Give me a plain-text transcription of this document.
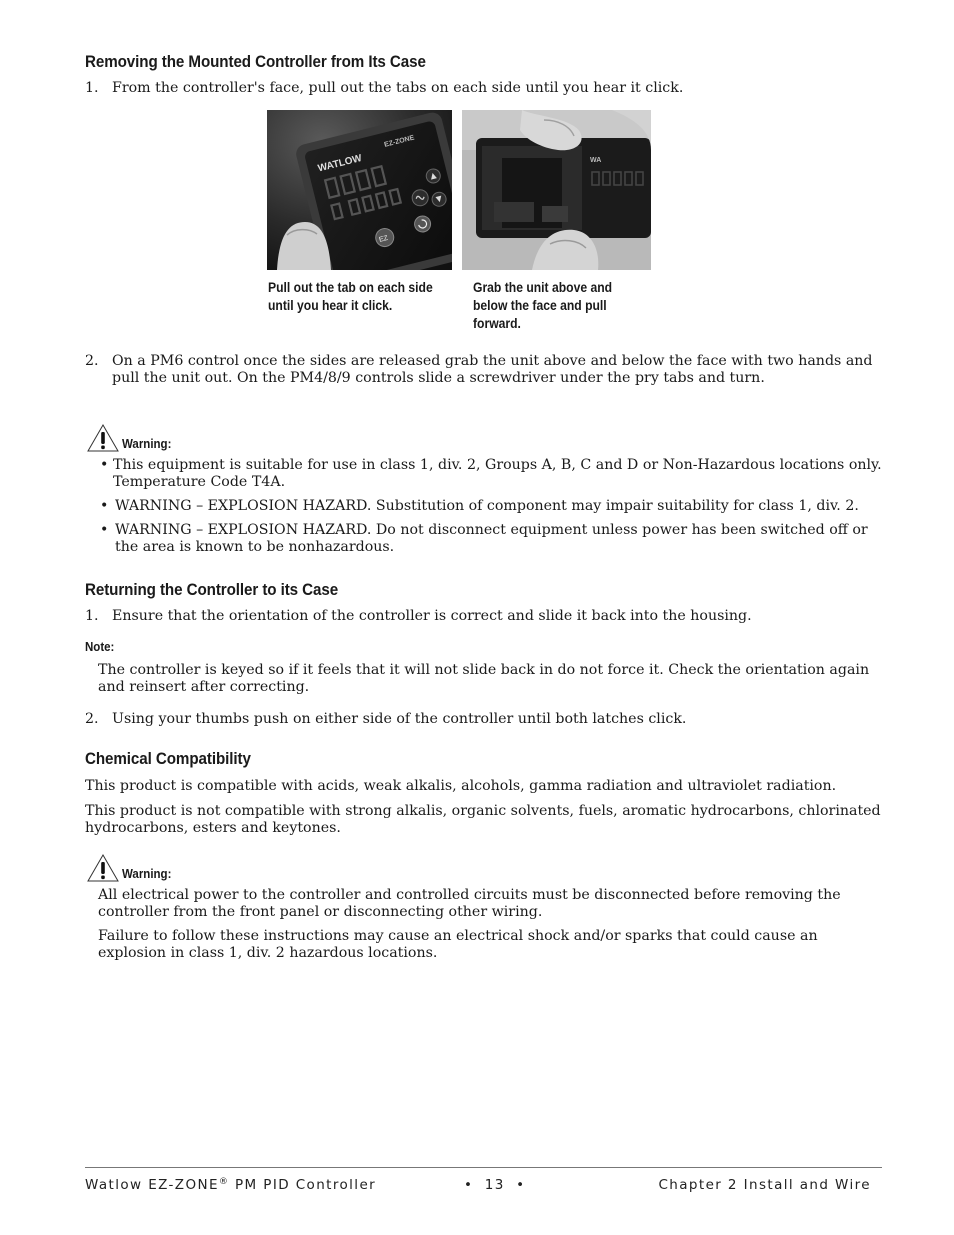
Removing the Mounted Controller from Its Case
1. From the controller's face, pull out the tabs on each side until you hear it click.

WATLOW
EZ-ZONE
EZ
WA
Pull out the tab on each side until you hear it click.
Grab the unit above and below the face and pull forward.
2. On a PM6 control once the sides are released grab the unit above and below the face with two hands and pull the unit out. On the PM4/8/9 controls slide a screwdriver under the pry tabs and turn.

Warning:
• This equipment is suitable for use in class 1, div. 2, Groups A, B, C and D or Non-Hazardous locations only. Temperature Code T4A.
• WARNING – EXPLOSION HAZARD. Substitution of component may impair suitability for class 1, div. 2.
• WARNING – EXPLOSION HAZARD. Do not disconnect equipment unless power has been switched off or the area is known to be nonhazardous.
Returning the Controller to its Case
1. Ensure that the orientation of the controller is correct and slide it back into the housing.

Note:

The controller is keyed so if it feels that it will not slide back in do not force it. Check the orientation again and reinsert after correcting.

2. Using your thumbs push on either side of the controller until both latches click.

Chemical Compatibility

This product is compatible with acids, weak alkalis, alcohols, gamma radiation and ultraviolet radiation.

This product is not compatible with strong alkalis, organic solvents, fuels, aromatic hydrocarbons, chlorinated hydrocarbons, esters and keytones.

Warning:

All electrical power to the controller and controlled circuits must be disconnected before removing the controller from the front panel or disconnecting other wiring.

Failure to follow these instructions may cause an electrical shock and/or sparks that could cause an explosion in class 1, div. 2 hazardous locations.

Watlow EZ-ZONE® PM PID Controller	•  13  •	Chapter 2 Install and Wire
